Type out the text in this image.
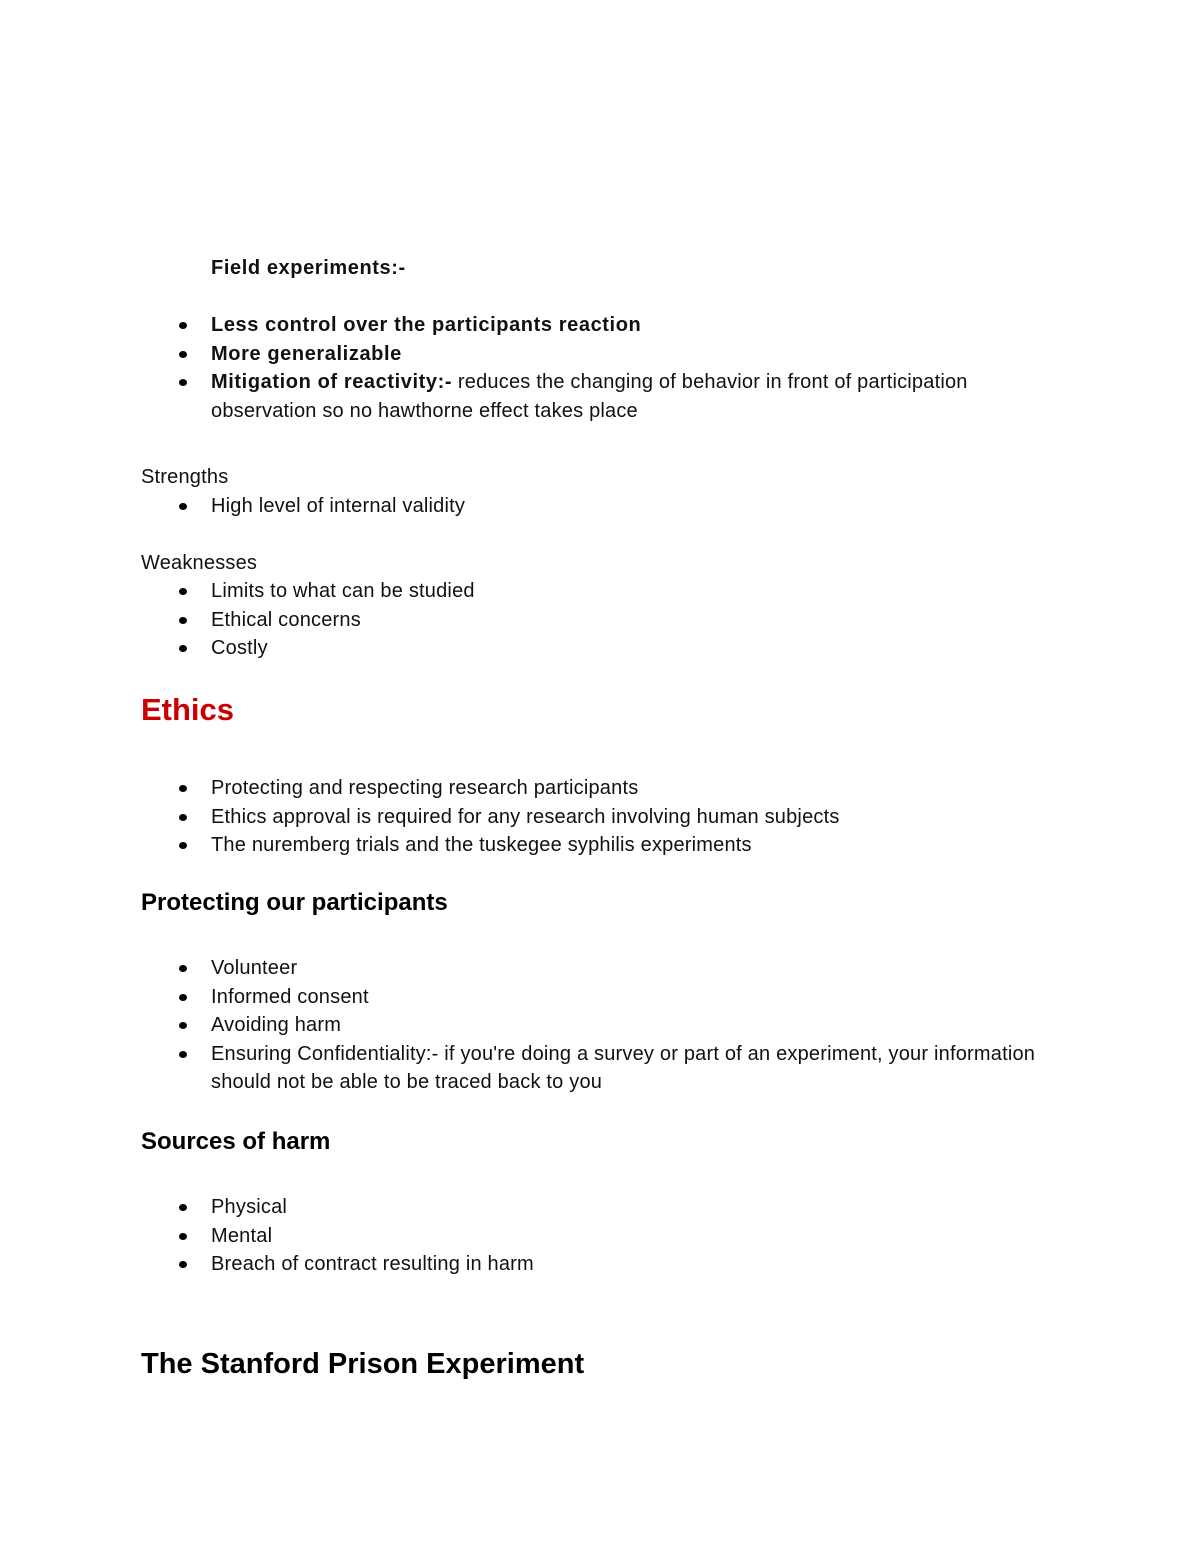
Field experiments:-

Less control over the participants reaction
More generalizable
Mitigation of reactivity:- reduces the changing of behavior in front of participation observation so no hawthorne effect takes place

Strengths

High level of internal validity

Weaknesses

Limits to what can be studied
Ethical concerns
Costly
Ethics
Protecting and respecting research participants
Ethics approval is required for any research involving human subjects
The nuremberg trials and the tuskegee syphilis experiments
Protecting our participants
Volunteer
Informed consent
Avoiding harm
Ensuring Confidentiality:- if you're doing a survey or part of an experiment, your information should not be able to be traced back to you
Sources of harm
Physical
Mental
Breach of contract resulting in harm
The Stanford Prison Experiment
